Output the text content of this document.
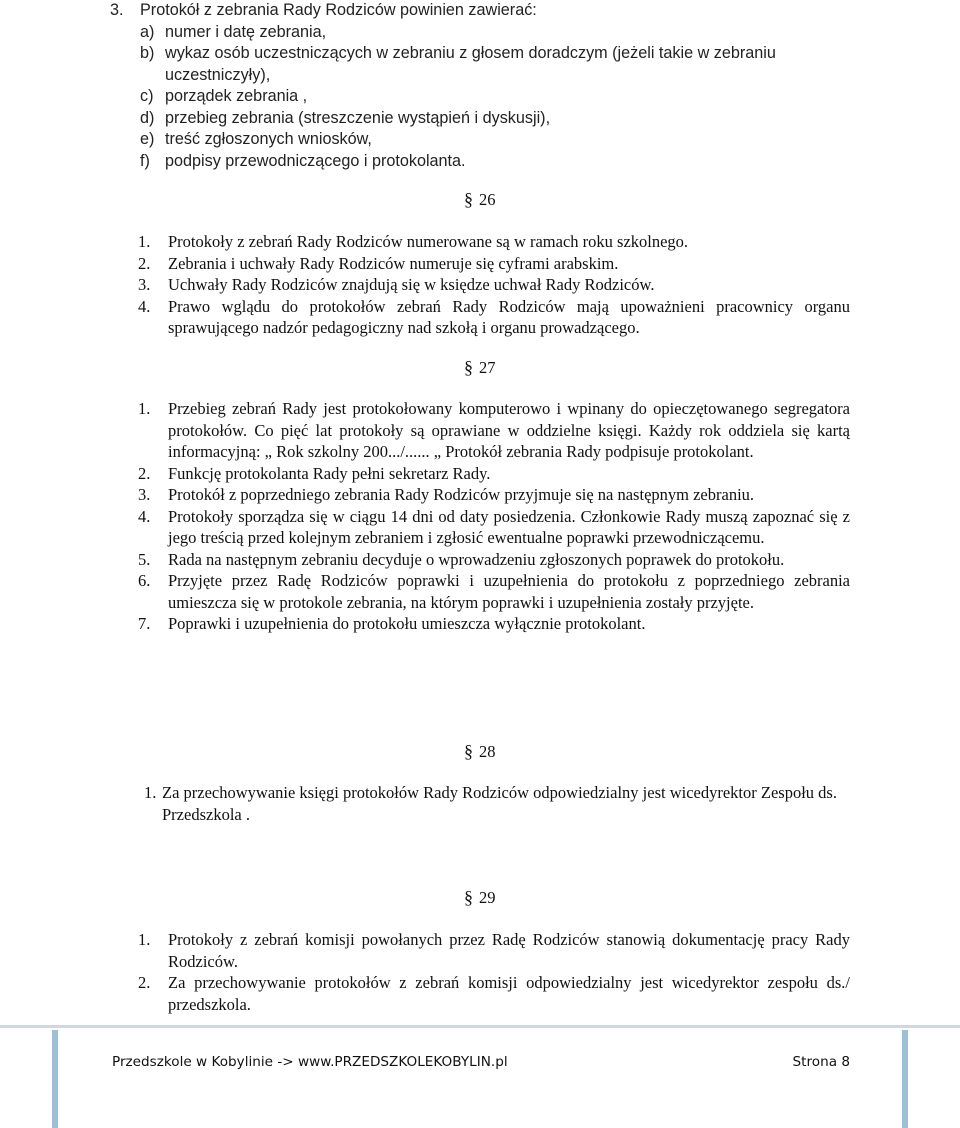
3.	Protokół z zebrania Rady Rodziców powinien zawierać:
a) numer i datę zebrania,
b) wykaz osób uczestniczących w zebraniu z głosem doradczym (jeżeli takie w zebraniu uczestniczyły),
c) porządek zebrania ,
d) przebieg zebrania (streszczenie wystąpień i dyskusji),
e) treść zgłoszonych wniosków,
f) podpisy przewodniczącego i protokolanta.
§ 26
1.	Protokoły z zebrań Rady Rodziców numerowane są w ramach roku szkolnego.
2.	Zebrania i uchwały Rady Rodziców numeruje się cyframi arabskim.
3.	Uchwały Rady Rodziców znajdują się w księdze uchwał Rady Rodziców.
4.	Prawo wglądu do protokołów zebrań Rady Rodziców mają upoważnieni pracownicy organu sprawującego nadzór pedagogiczny nad szkołą i organu prowadzącego.
§ 27
1.	Przebieg zebrań Rady jest protokołowany komputerowo i wpinany do opieczętowanego segregatora protokołów. Co pięć lat protokoły są oprawiane w oddzielne księgi. Każdy rok oddziela się kartą informacyjną: „ Rok szkolny 200.../...... „ Protokół zebrania Rady podpisuje protokolant.
2.	Funkcję protokolanta Rady pełni sekretarz Rady.
3.	Protokół z poprzedniego zebrania Rady Rodziców przyjmuje się na następnym zebraniu.
4.	Protokoły sporządza się w ciągu 14 dni od daty posiedzenia. Członkowie Rady muszą zapoznać się z jego treścią przed kolejnym zebraniem i zgłosić ewentualne poprawki przewodniczącemu.
5.	Rada na następnym zebraniu decyduje o wprowadzeniu zgłoszonych poprawek do protokołu.
6.	Przyjęte przez Radę Rodziców poprawki i uzupełnienia do protokołu z poprzedniego zebrania umieszcza się w protokole zebrania, na którym poprawki i uzupełnienia zostały przyjęte.
7.	Poprawki i uzupełnienia do protokołu umieszcza wyłącznie protokolant.
§ 28
1. Za przechowywanie księgi protokołów Rady Rodziców odpowiedzialny jest wicedyrektor Zespołu ds. Przedszkola .
§ 29
1.	Protokoły z zebrań komisji powołanych przez Radę Rodziców stanowią dokumentację pracy Rady Rodziców.
2.	Za przechowywanie protokołów z zebrań komisji odpowiedzialny jest wicedyrektor zespołu ds./ przedszkola.
Przedszkole w Kobylinie -> www.PRZEDSZKOLEKOBYLIN.pl	Strona 8
